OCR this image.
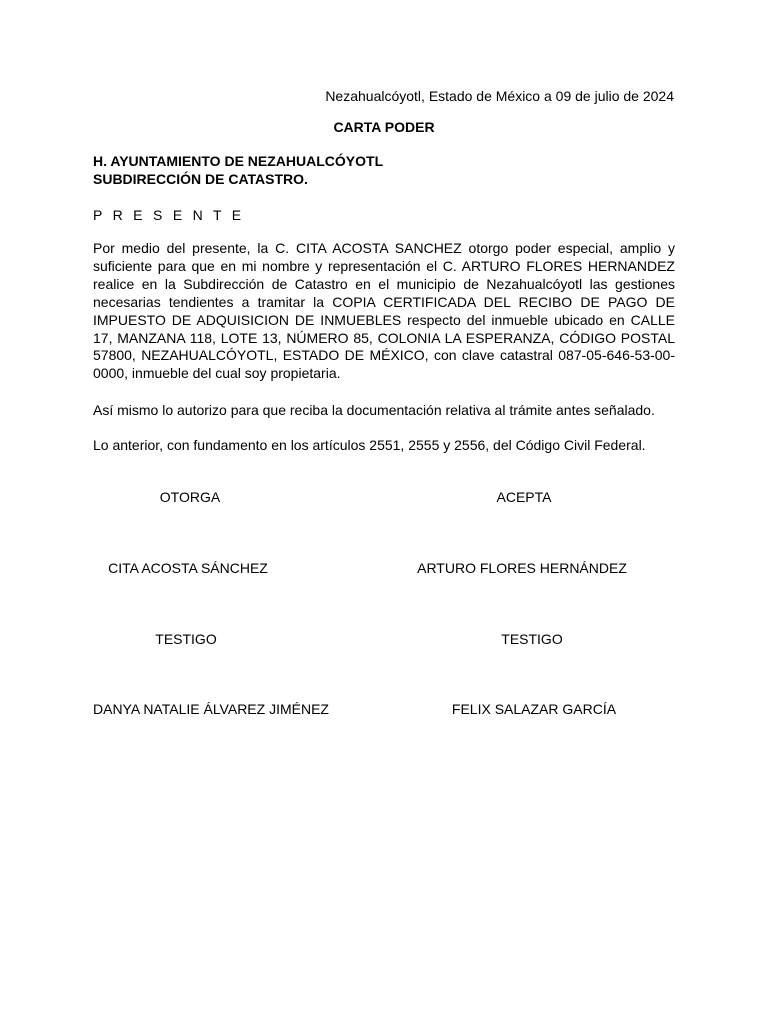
Nezahualcóyotl, Estado de México a 09 de julio de 2024
CARTA PODER
H. AYUNTAMIENTO DE NEZAHUALCÓYOTL
SUBDIRECCIÓN DE CATASTRO.
P R E S E N T E
Por medio del presente, la C. CITA ACOSTA SANCHEZ otorgo poder especial, amplio y suficiente para que en mi nombre y representación el C. ARTURO FLORES HERNANDEZ realice en la Subdirección de Catastro en el municipio de Nezahualcóyotl las gestiones necesarias tendientes a tramitar la COPIA CERTIFICADA DEL RECIBO DE PAGO DE IMPUESTO DE ADQUISICION DE INMUEBLES respecto del inmueble ubicado en CALLE 17, MANZANA 118, LOTE 13, NÚMERO 85, COLONIA LA ESPERANZA, CÓDIGO POSTAL 57800, NEZAHUALCÓYOTL, ESTADO DE MÉXICO, con clave catastral 087-05-646-53-00-0000, inmueble del cual soy propietaria.
Así mismo lo autorizo para que reciba la documentación relativa al trámite antes señalado.
Lo anterior, con fundamento en los artículos 2551, 2555 y 2556, del Código Civil Federal.
OTORGA	ACEPTA
CITA ACOSTA SÁNCHEZ	ARTURO FLORES HERNÁNDEZ
TESTIGO	TESTIGO
DANYA NATALIE ÁLVAREZ JIMÉNEZ	FELIX SALAZAR GARCÍA
